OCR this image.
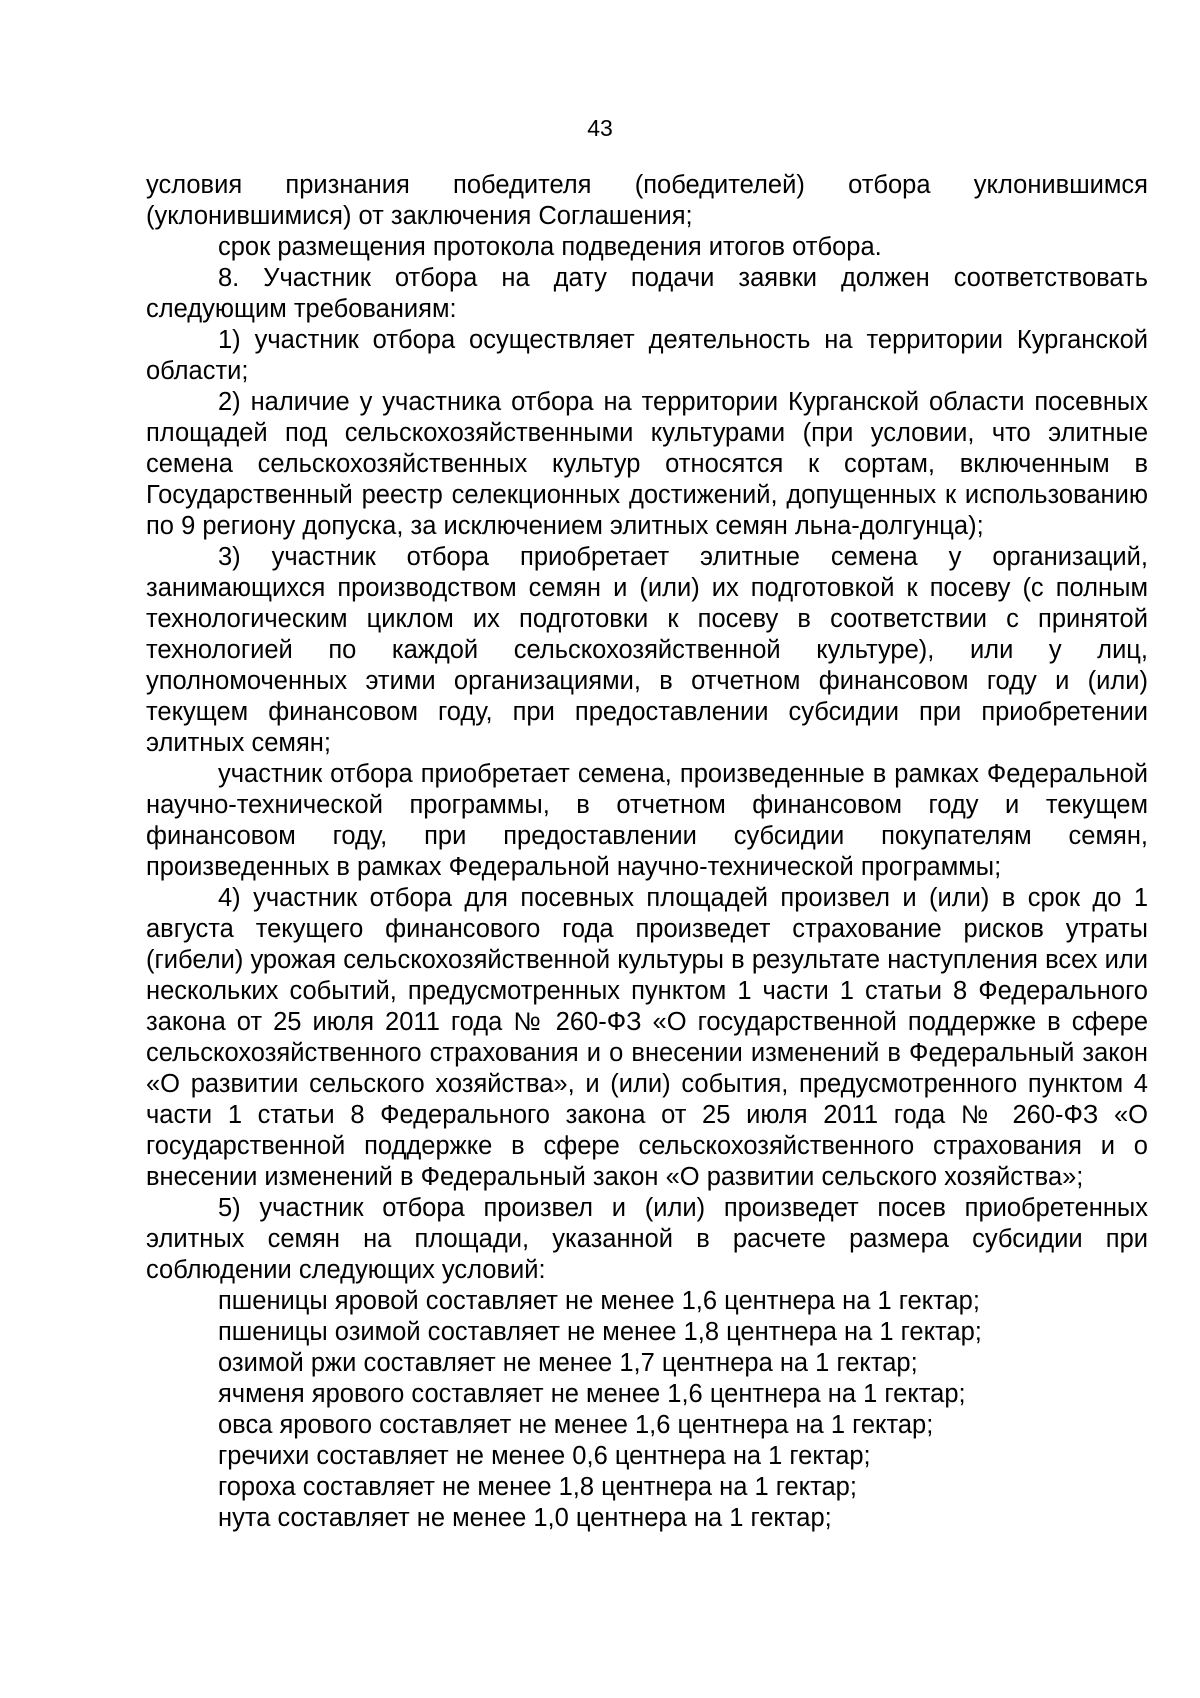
43

условия признания победителя (победителей) отбора уклонившимся (уклонившимися) от заключения Соглашения;

срок размещения протокола подведения итогов отбора.

8. Участник отбора на дату подачи заявки должен соответствовать следующим требованиям:

1) участник отбора осуществляет деятельность на территории Курганской области;

2) наличие у участника отбора на территории Курганской области посевных площадей под сельскохозяйственными культурами (при условии, что элитные семена сельскохозяйственных культур относятся к сортам, включенным в Государственный реестр селекционных достижений, допущенных к использованию по 9 региону допуска, за исключением элитных семян льна-долгунца);

3) участник отбора приобретает элитные семена у организаций, занимающихся производством семян и (или) их подготовкой к посеву (с полным технологическим циклом их подготовки к посеву в соответствии с принятой технологией по каждой сельскохозяйственной культуре), или у лиц, уполномоченных этими организациями, в отчетном финансовом году и (или) текущем финансовом году, при предоставлении субсидии при приобретении элитных семян;

участник отбора приобретает семена, произведенные в рамках Федеральной научно-технической программы, в отчетном финансовом году и текущем финансовом году, при предоставлении субсидии покупателям семян, произведенных в рамках Федеральной научно-технической программы;

4) участник отбора для посевных площадей произвел и (или) в срок до 1 августа текущего финансового года произведет страхование рисков утраты (гибели) урожая сельскохозяйственной культуры в результате наступления всех или нескольких событий, предусмотренных пунктом 1 части 1 статьи 8 Федерального закона от 25 июля 2011 года № 260-ФЗ «О государственной поддержке в сфере сельскохозяйственного страхования и о внесении изменений в Федеральный закон «О развитии сельского хозяйства», и (или) события, предусмотренного пунктом 4 части 1 статьи 8 Федерального закона от 25 июля 2011 года № 260-ФЗ «О государственной поддержке в сфере сельскохозяйственного страхования и о внесении изменений в Федеральный закон «О развитии сельского хозяйства»;

5) участник отбора произвел и (или) произведет посев приобретенных элитных семян на площади, указанной в расчете размера субсидии при соблюдении следующих условий:

пшеницы яровой составляет не менее 1,6 центнера на 1 гектар;

пшеницы озимой составляет не менее 1,8 центнера на 1 гектар;

озимой ржи составляет не менее 1,7 центнера на 1 гектар;

ячменя ярового составляет не менее 1,6 центнера на 1 гектар;

овса ярового составляет не менее 1,6 центнера на 1 гектар;

гречихи составляет не менее 0,6 центнера на 1 гектар;

гороха составляет не менее 1,8 центнера на 1 гектар;

нута составляет не менее 1,0 центнера на 1 гектар;
